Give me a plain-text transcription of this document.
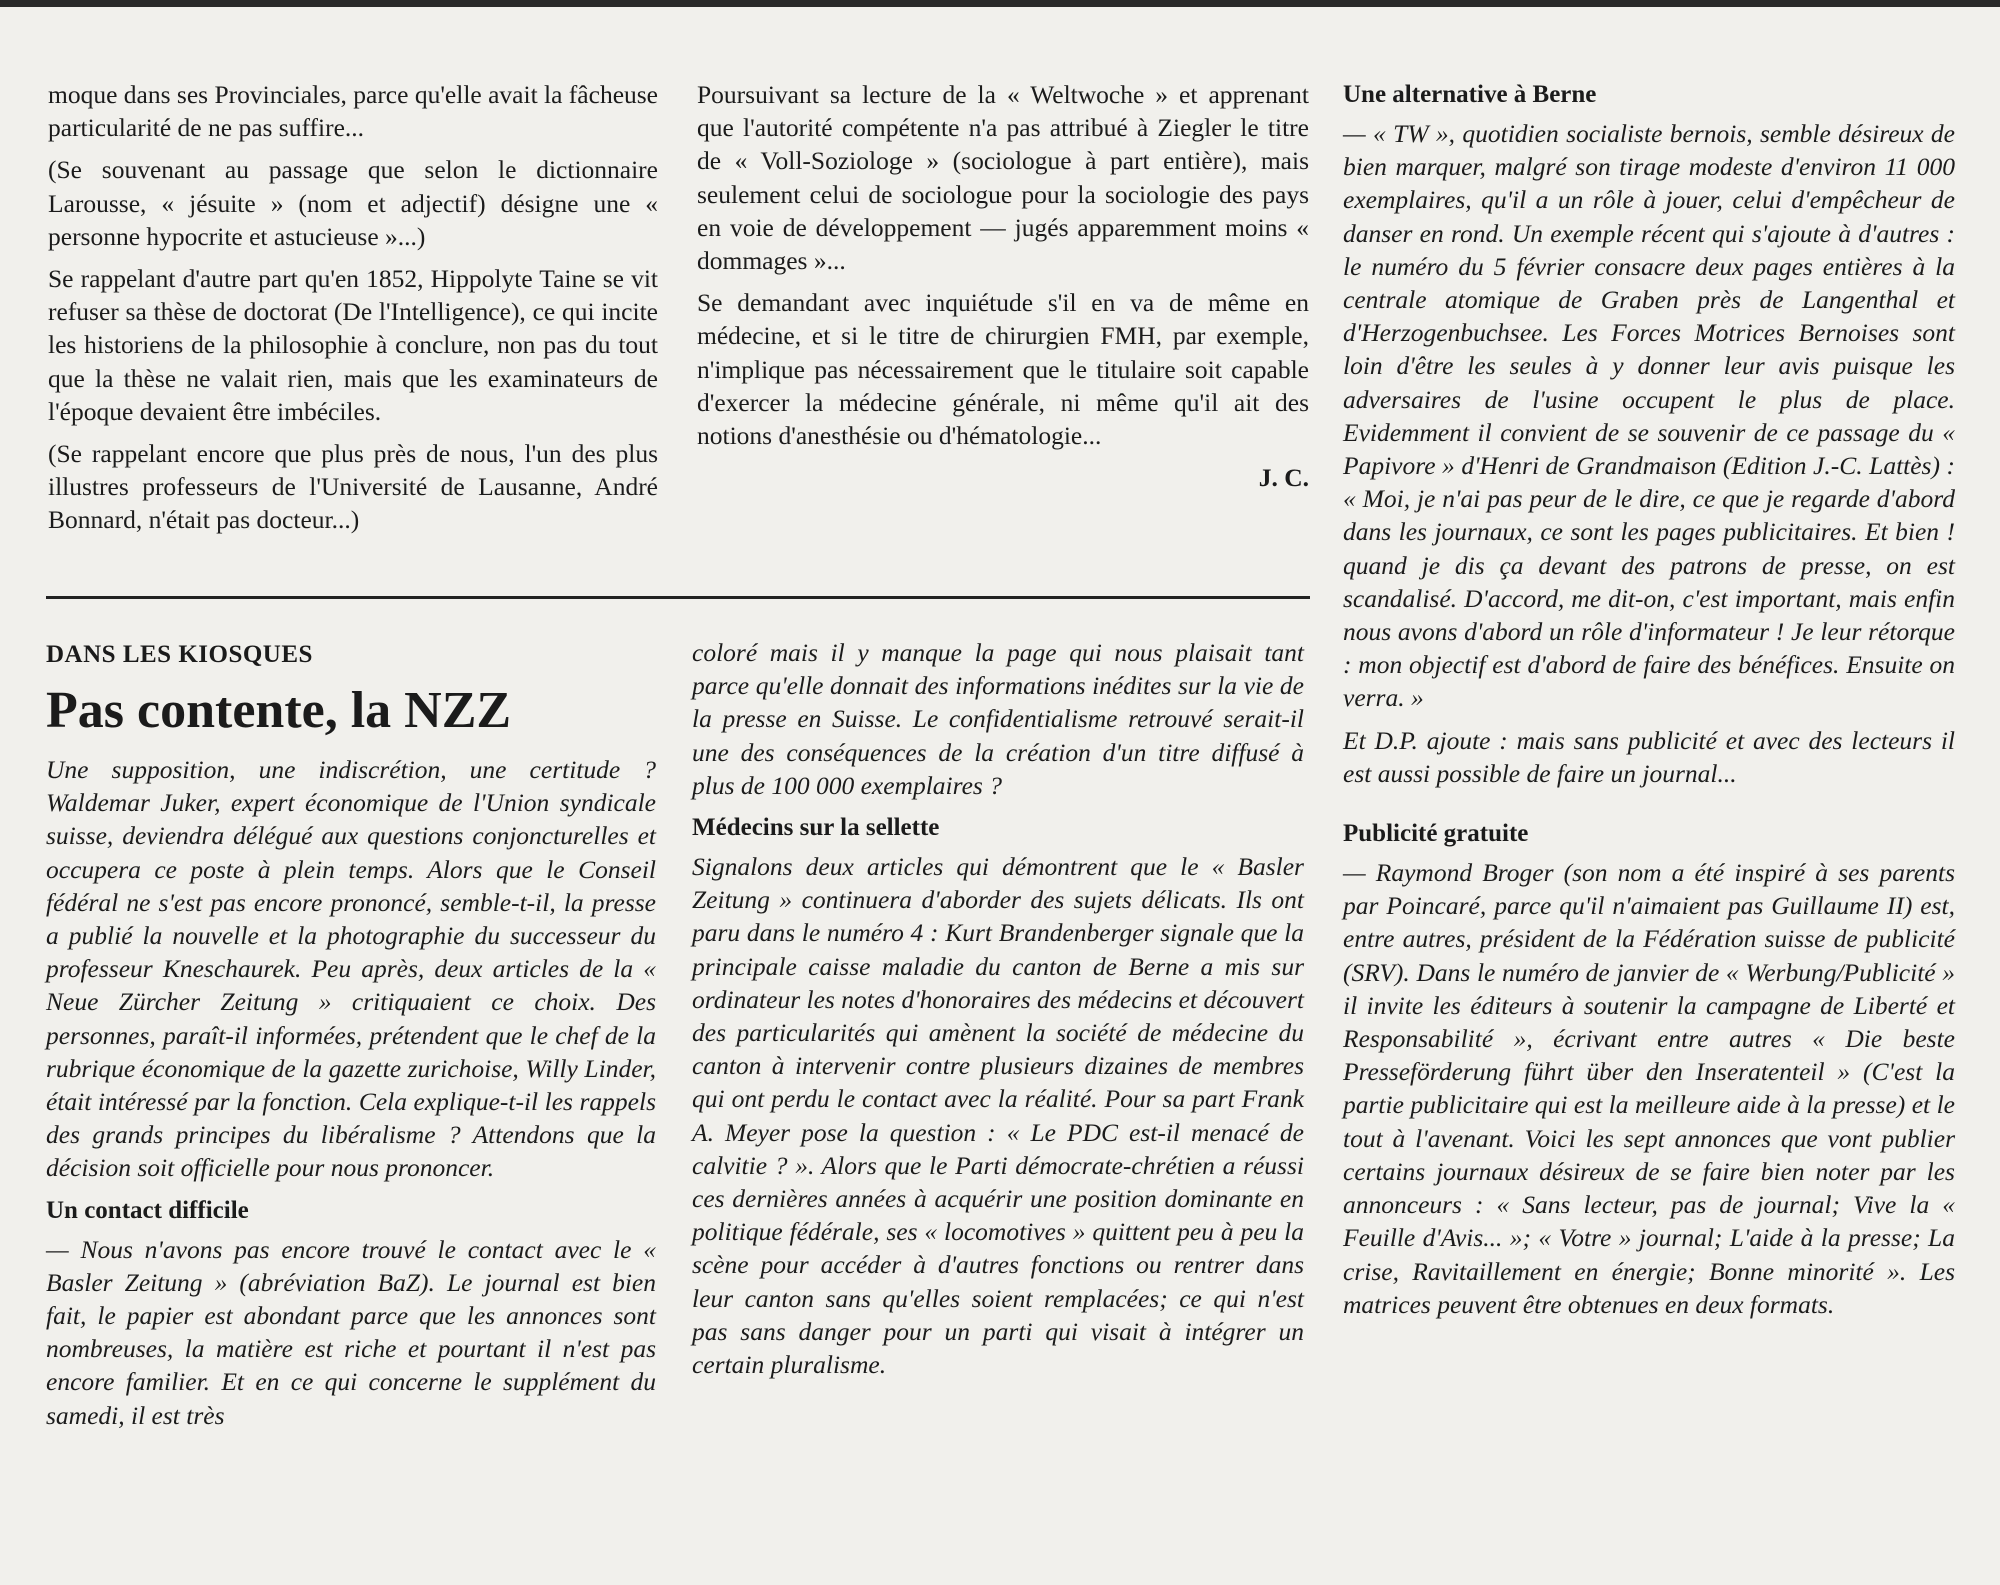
moque dans ses Provinciales, parce qu'elle avait la fâcheuse particularité de ne pas suffire...

(Se souvenant au passage que selon le dictionnaire Larousse, « jésuite » (nom et adjectif) désigne une « personne hypocrite et astucieuse »...)

Se rappelant d'autre part qu'en 1852, Hippolyte Taine se vit refuser sa thèse de doctorat (De l'Intelligence), ce qui incite les historiens de la philosophie à conclure, non pas du tout que la thèse ne valait rien, mais que les examinateurs de l'époque devaient être imbéciles.

(Se rappelant encore que plus près de nous, l'un des plus illustres professeurs de l'Université de Lausanne, André Bonnard, n'était pas docteur...)

Poursuivant sa lecture de la « Weltwoche » et apprenant que l'autorité compétente n'a pas attribué à Ziegler le titre de « Voll-Soziologe » (sociologue à part entière), mais seulement celui de sociologue pour la sociologie des pays en voie de développement — jugés apparemment moins « dommages »...

Se demandant avec inquiétude s'il en va de même en médecine, et si le titre de chirurgien FMH, par exemple, n'implique pas nécessairement que le titulaire soit capable d'exercer la médecine générale, ni même qu'il ait des notions d'anesthésie ou d'hématologie...

J. C.
Une alternative à Berne

— « TW », quotidien socialiste bernois, semble désireux de bien marquer, malgré son tirage modeste d'environ 11 000 exemplaires, qu'il a un rôle à jouer, celui d'empêcheur de danser en rond. Un exemple récent qui s'ajoute à d'autres : le numéro du 5 février consacre deux pages entières à la centrale atomique de Graben près de Langenthal et d'Herzogenbuchsee. Les Forces Motrices Bernoises sont loin d'être les seules à y donner leur avis puisque les adversaires de l'usine occupent le plus de place. Evidemment il convient de se souvenir de ce passage du « Papivore » d'Henri de Grandmaison (Edition J.-C. Lattès) : « Moi, je n'ai pas peur de le dire, ce que je regarde d'abord dans les journaux, ce sont les pages publicitaires. Et bien ! quand je dis ça devant des patrons de presse, on est scandalisé. D'accord, me dit-on, c'est important, mais enfin nous avons d'abord un rôle d'informateur ! Je leur rétorque : mon objectif est d'abord de faire des bénéfices. Ensuite on verra. »

Et D.P. ajoute : mais sans publicité et avec des lecteurs il est aussi possible de faire un journal...

Publicité gratuite

— Raymond Broger (son nom a été inspiré à ses parents par Poincaré, parce qu'il n'aimaient pas Guillaume II) est, entre autres, président de la Fédération suisse de publicité (SRV). Dans le numéro de janvier de « Werbung/Publicité » il invite les éditeurs à soutenir la campagne de Liberté et Responsabilité », écrivant entre autres « Die beste Presseförderung führt über den Inseratenteil » (C'est la partie publicitaire qui est la meilleure aide à la presse) et le tout à l'avenant. Voici les sept annonces que vont publier certains journaux désireux de se faire bien noter par les annonceurs : « Sans lecteur, pas de journal; Vive la « Feuille d'Avis... »; « Votre » journal; L'aide à la presse; La crise, Ravitaillement en énergie; Bonne minorité ». Les matrices peuvent être obtenues en deux formats.

DANS LES KIOSQUES
Pas contente, la NZZ

Une supposition, une indiscrétion, une certitude ? Waldemar Juker, expert économique de l'Union syndicale suisse, deviendra délégué aux questions conjoncturelles et occupera ce poste à plein temps. Alors que le Conseil fédéral ne s'est pas encore prononcé, semble-t-il, la presse a publié la nouvelle et la photographie du successeur du professeur Kneschaurek. Peu après, deux articles de la « Neue Zürcher Zeitung » critiquaient ce choix. Des personnes, paraît-il informées, prétendent que le chef de la rubrique économique de la gazette zurichoise, Willy Linder, était intéressé par la fonction. Cela explique-t-il les rappels des grands principes du libéralisme ? Attendons que la décision soit officielle pour nous prononcer.

Un contact difficile

— Nous n'avons pas encore trouvé le contact avec le « Basler Zeitung » (abréviation BaZ). Le journal est bien fait, le papier est abondant parce que les annonces sont nombreuses, la matière est riche et pourtant il n'est pas encore familier. Et en ce qui concerne le supplément du samedi, il est très

coloré mais il y manque la page qui nous plaisait tant parce qu'elle donnait des informations inédites sur la vie de la presse en Suisse. Le confidentialisme retrouvé serait-il une des conséquences de la création d'un titre diffusé à plus de 100 000 exemplaires ?

Médecins sur la sellette

Signalons deux articles qui démontrent que le « Basler Zeitung » continuera d'aborder des sujets délicats. Ils ont paru dans le numéro 4 : Kurt Brandenberger signale que la principale caisse maladie du canton de Berne a mis sur ordinateur les notes d'honoraires des médecins et découvert des particularités qui amènent la société de médecine du canton à intervenir contre plusieurs dizaines de membres qui ont perdu le contact avec la réalité. Pour sa part Frank A. Meyer pose la question : « Le PDC est-il menacé de calvitie ? ». Alors que le Parti démocrate-chrétien a réussi ces dernières années à acquérir une position dominante en politique fédérale, ses « locomotives » quittent peu à peu la scène pour accéder à d'autres fonctions ou rentrer dans leur canton sans qu'elles soient remplacées; ce qui n'est pas sans danger pour un parti qui visait à intégrer un certain pluralisme.
